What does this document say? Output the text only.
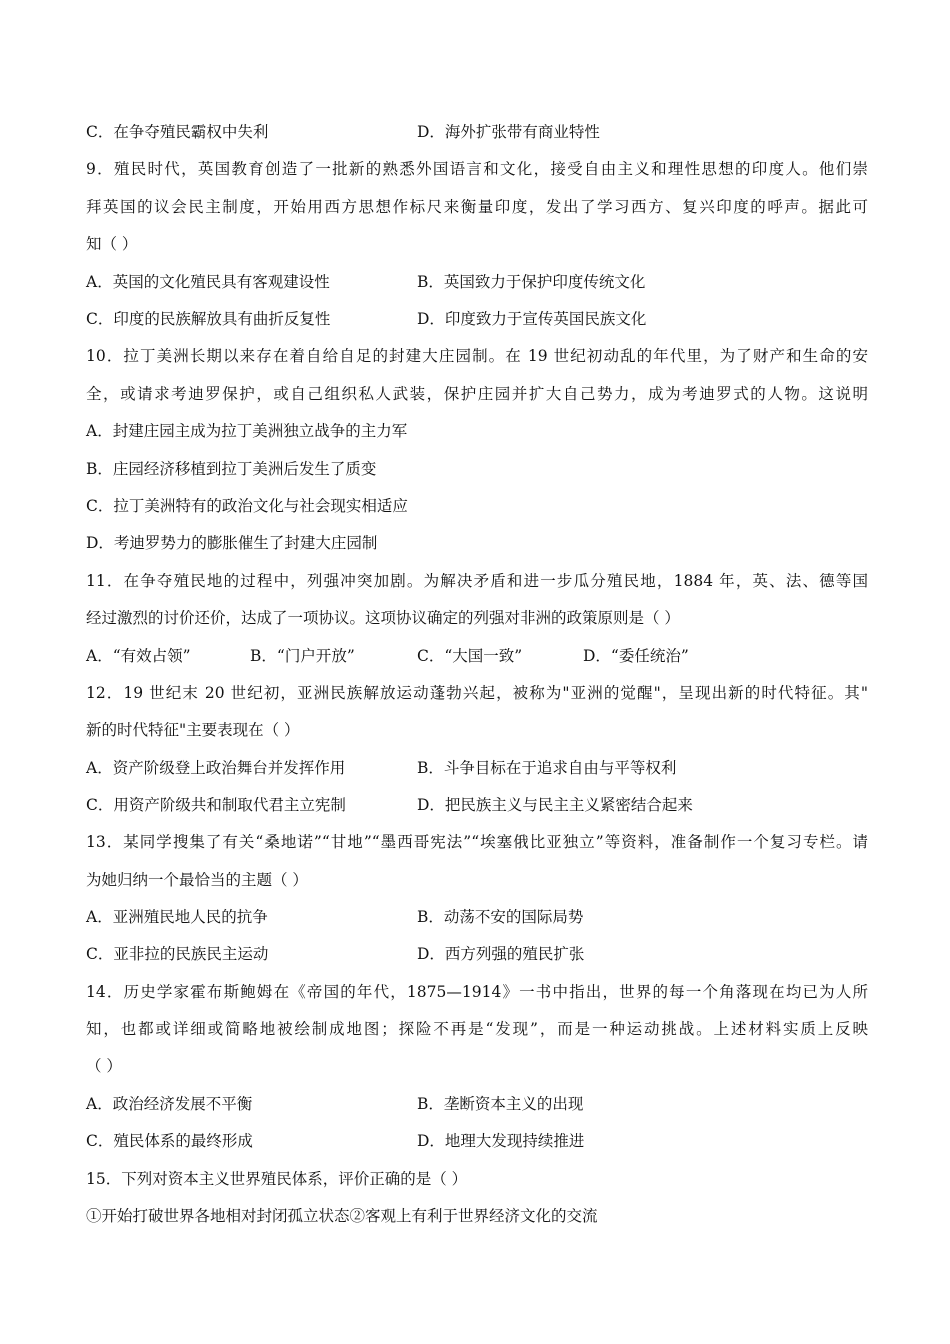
C．在争夺殖民霸权中失利	D．海外扩张带有商业特性
9．殖民时代，英国教育创造了一批新的熟悉外国语言和文化，接受自由主义和理性思想的印度人。他们崇
拜英国的议会民主制度，开始用西方思想作标尺来衡量印度，发出了学习西方、复兴印度的呼声。据此可
知（ ）
A．英国的文化殖民具有客观建设性	B．英国致力于保护印度传统文化
C．印度的民族解放具有曲折反复性	D．印度致力于宣传英国民族文化
10．拉丁美洲长期以来存在着自给自足的封建大庄园制。在 19 世纪初动乱的年代里，为了财产和生命的安
全，或请求考迪罗保护，或自己组织私人武装，保护庄园并扩大自己势力，成为考迪罗式的人物。这说明
A．封建庄园主成为拉丁美洲独立战争的主力军
B．庄园经济移植到拉丁美洲后发生了质变
C．拉丁美洲特有的政治文化与社会现实相适应
D．考迪罗势力的膨胀催生了封建大庄园制
11．在争夺殖民地的过程中，列强冲突加剧。为解决矛盾和进一步瓜分殖民地，1884 年，英、法、德等国
经过激烈的讨价还价，达成了一项协议。这项协议确定的列强对非洲的政策原则是（ ）
A．“有效占领”	B．“门户开放”	C．“大国一致”	D．“委任统治”
12．19 世纪末 20 世纪初，亚洲民族解放运动蓬勃兴起，被称为"亚洲的觉醒"，呈现出新的时代特征。其"
新的时代特征"主要表现在（ ）
A．资产阶级登上政治舞台并发挥作用	B．斗争目标在于追求自由与平等权利
C．用资产阶级共和制取代君主立宪制	D．把民族主义与民主主义紧密结合起来
13．某同学搜集了有关“桑地诺”“甘地”“墨西哥宪法”“埃塞俄比亚独立”等资料，准备制作一个复习专栏。请
为她归纳一个最恰当的主题（ ）
A．亚洲殖民地人民的抗争	B．动荡不安的国际局势
C．亚非拉的民族民主运动	D．西方列强的殖民扩张
14．历史学家霍布斯鲍姆在《帝国的年代，1875—1914》一书中指出，世界的每一个角落现在均已为人所
知，也都或详细或简略地被绘制成地图；探险不再是“发现”，而是一种运动挑战。上述材料实质上反映
（ ）
A．政治经济发展不平衡	B．垄断资本主义的出现
C．殖民体系的最终形成	D．地理大发现持续推进
15．下列对资本主义世界殖民体系，评价正确的是（ ）
①开始打破世界各地相对封闭孤立状态②客观上有利于世界经济文化的交流
